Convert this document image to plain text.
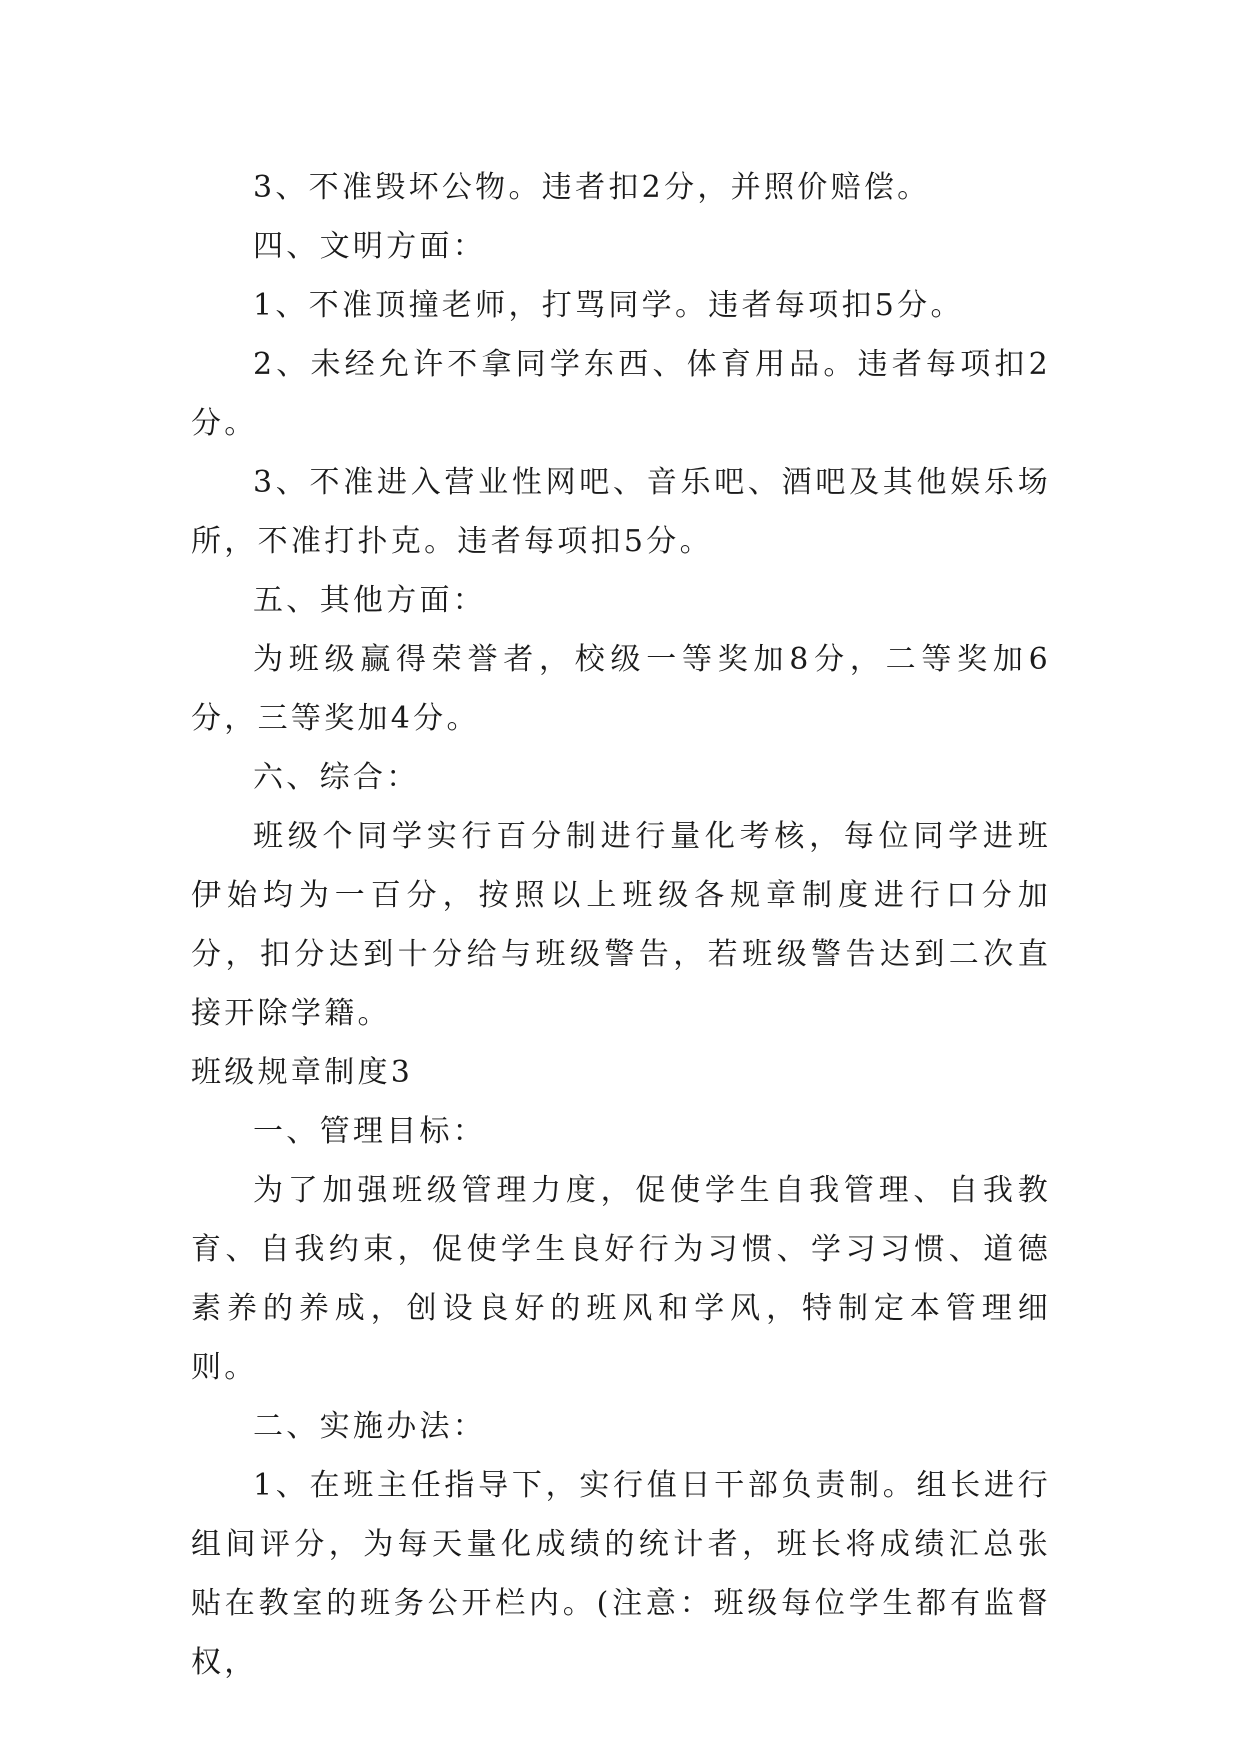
3、不准毁坏公物。违者扣2分，并照价赔偿。

四、文明方面：

1、不准顶撞老师，打骂同学。违者每项扣5分。

2、未经允许不拿同学东西、体育用品。违者每项扣2分。

3、不准进入营业性网吧、音乐吧、酒吧及其他娱乐场所，不准打扑克。违者每项扣5分。

五、其他方面：

为班级赢得荣誉者，校级一等奖加8分，二等奖加6分，三等奖加4分。

六、综合：

班级个同学实行百分制进行量化考核，每位同学进班伊始均为一百分，按照以上班级各规章制度进行口分加分，扣分达到十分给与班级警告，若班级警告达到二次直接开除学籍。

班级规章制度3

一、管理目标：

为了加强班级管理力度，促使学生自我管理、自我教育、自我约束，促使学生良好行为习惯、学习习惯、道德素养的养成，创设良好的班风和学风，特制定本管理细则。

二、实施办法：

1、在班主任指导下，实行值日干部负责制。组长进行组间评分，为每天量化成绩的统计者，班长将成绩汇总张贴在教室的班务公开栏内。(注意：班级每位学生都有监督权，
